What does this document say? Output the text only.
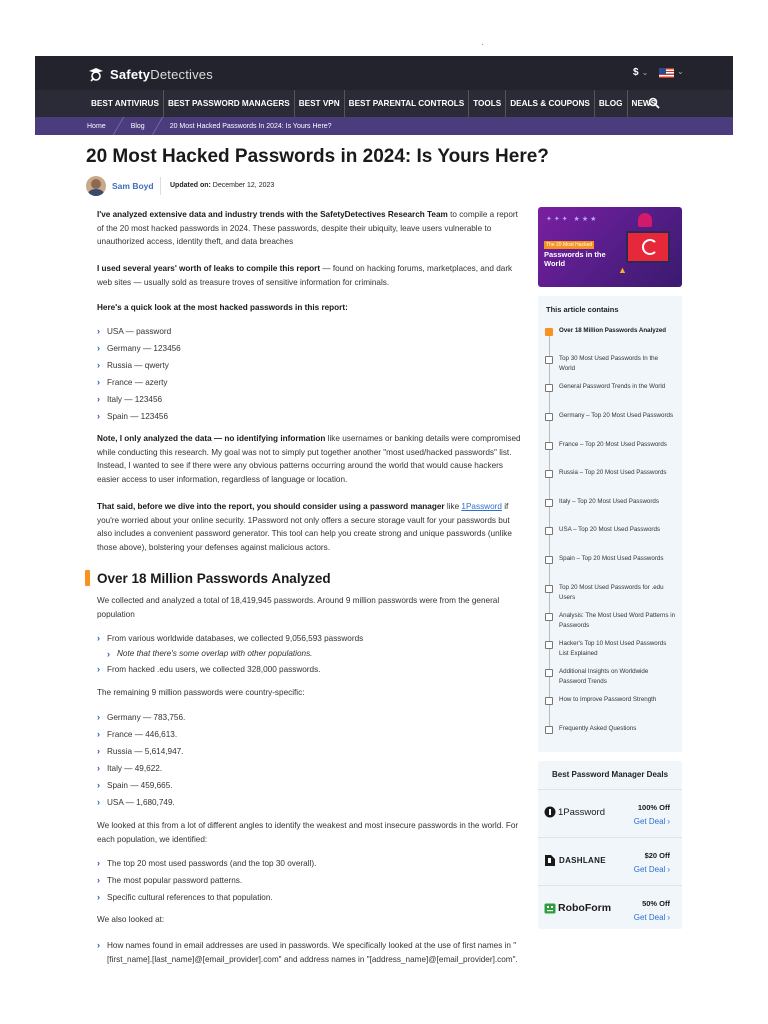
SafetyDetectives	$ ⌄	⌄
BEST ANTIVIRUS	BEST PASSWORD MANAGERS	BEST VPN	BEST PARENTAL CONTROLS	TOOLS	DEALS & COUPONS	BLOG	NEWS
Home	Blog	20 Most Hacked Passwords In 2024: Is Yours Here?
20 Most Hacked Passwords in 2024: Is Yours Here?
Sam Boyd Updated on: December 12, 2023
I've analyzed extensive data and industry trends with the SafetyDetectives Research Team to compile a report of the 20 most hacked passwords in 2024. These passwords, despite their ubiquity, leave users vulnerable to unauthorized access, identity theft, and data breaches
I used several years' worth of leaks to compile this report — found on hacking forums, marketplaces, and dark web sites — usually sold as treasure troves of sensitive information for criminals.
Here's a quick look at the most hacked passwords in this report:
› USA — password
› Germany — 123456
› Russia — qwerty
› France — azerty
› Italy — 123456
› Spain — 123456
Note, I only analyzed the data — no identifying information like usernames or banking details were compromised while conducting this research. My goal was not to simply put together another "most used/hacked passwords" list. Instead, I wanted to see if there were any obvious patterns occurring around the world that would cause hackers easier access to user information, regardless of language or location.
That said, before we dive into the report, you should consider using a password manager like 1Password if you're worried about your online security. 1Password not only offers a secure storage vault for your passwords but also includes a convenient password generator. This tool can help you create strong and unique passwords (unlike those above), bolstering your defenses against malicious actors.
Over 18 Million Passwords Analyzed
We collected and analyzed a total of 18,419,945 passwords. Around 9 million passwords were from the general population
› From various worldwide databases, we collected 9,056,593 passwords
› Note that there's some overlap with other populations.
› From hacked .edu users, we collected 328,000 passwords.
The remaining 9 million passwords were country-specific:
› Germany — 783,756.
› France — 446,613.
› Russia — 5,614,947.
› Italy — 49,622.
› Spain — 459,665.
› USA — 1,680,749.
We looked at this from a lot of different angles to identify the weakest and most insecure passwords in the world. For each population, we identified:
› The top 20 most used passwords (and the top 30 overall).
› The most popular password patterns.
› Specific cultural references to that population.
We also looked at:
› How names found in email addresses are used in passwords. We specifically looked at the use of first names in "[first_name].[last_name]@[email_provider].com" and address names in "[address_name]@[email_provider].com".
✦✦✦ ★★★
The 20 Most Hacked
Passwords in the World
▲
This article contains
Over 18 Million Passwords Analyzed
Top 30 Most Used Passwords In the World
General Password Trends in the World
Germany – Top 20 Most Used Passwords
France – Top 20 Most Used Passwords
Russia – Top 20 Most Used Passwords
Italy – Top 20 Most Used Passwords
USA – Top 20 Most Used Passwords
Spain – Top 20 Most Used Passwords
Top 20 Most Used Passwords for .edu Users
Analysis: The Most Used Word Patterns in Passwords
Hacker's Top 10 Most Used Passwords List Explained
Additional Insights on Worldwide Password Trends
How to Improve Password Strength
Frequently Asked Questions
Best Password Manager Deals
1Password	100% Off
Get Deal ›
DASHLANE
$20 Off
Get Deal ›
RoboForm	50% Off
Get Deal ›
